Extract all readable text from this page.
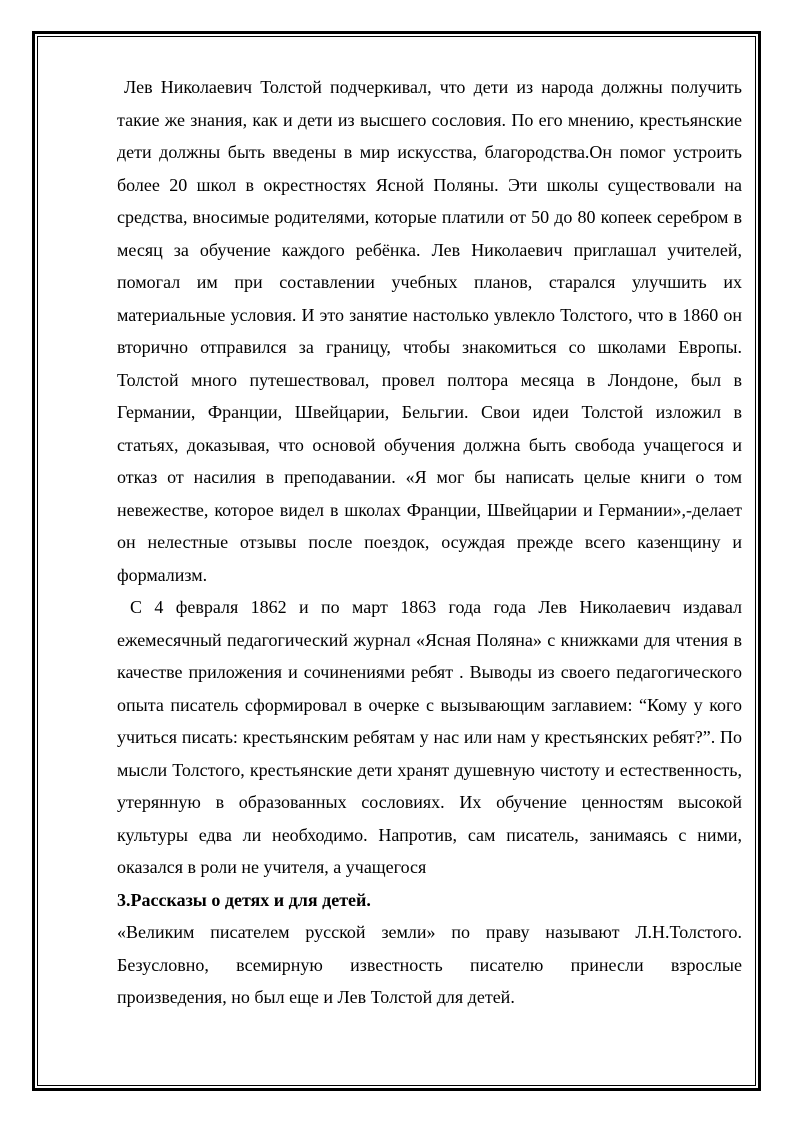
Лев Николаевич Толстой подчеркивал, что дети из народа должны получить такие же знания, как и дети из высшего сословия. По его мнению, крестьянские дети должны быть введены в мир искусства, благородства.Он помог устроить более 20 школ в окрестностях Ясной Поляны. Эти школы существовали на средства, вносимые родителями, которые платили от 50 до 80 копеек серебром в месяц за обучение каждого ребёнка. Лев Николаевич приглашал учителей, помогал им при составлении учебных планов, старался улучшить их материальные условия. И это занятие настолько увлекло Толстого, что в 1860 он вторично отправился за границу, чтобы знакомиться со школами Европы. Толстой много путешествовал, провел полтора месяца в Лондоне, был в Германии, Франции, Швейцарии, Бельгии. Свои идеи Толстой изложил в статьях, доказывая, что основой обучения должна быть свобода учащегося и отказ от насилия в преподавании. «Я мог бы написать целые книги о том невежестве, которое видел в школах Франции, Швейцарии и Германии»,-делает он нелестные отзывы после поездок, осуждая прежде всего казенщину и формализм.

С 4 февраля 1862 и по март 1863 года года Лев Николаевич издавал ежемесячный педагогический журнал «Ясная Поляна» с книжками для чтения в качестве приложения и сочинениями ребят . Выводы из своего педагогического опыта писатель сформировал в очерке с вызывающим заглавием: “Кому у кого учиться писать: крестьянским ребятам у нас или нам у крестьянских ребят?”. По мысли Толстого, крестьянские дети хранят душевную чистоту и естественность, утерянную в образованных сословиях. Их обучение ценностям высокой культуры едва ли необходимо. Напротив, сам писатель, занимаясь с ними, оказался в роли не учителя, а учащегося

3.Рассказы о детях и для детей.

«Великим писателем русской земли» по праву называют Л.Н.Толстого. Безусловно, всемирную известность писателю принесли взрослые произведения, но был еще и Лев Толстой для детей.
